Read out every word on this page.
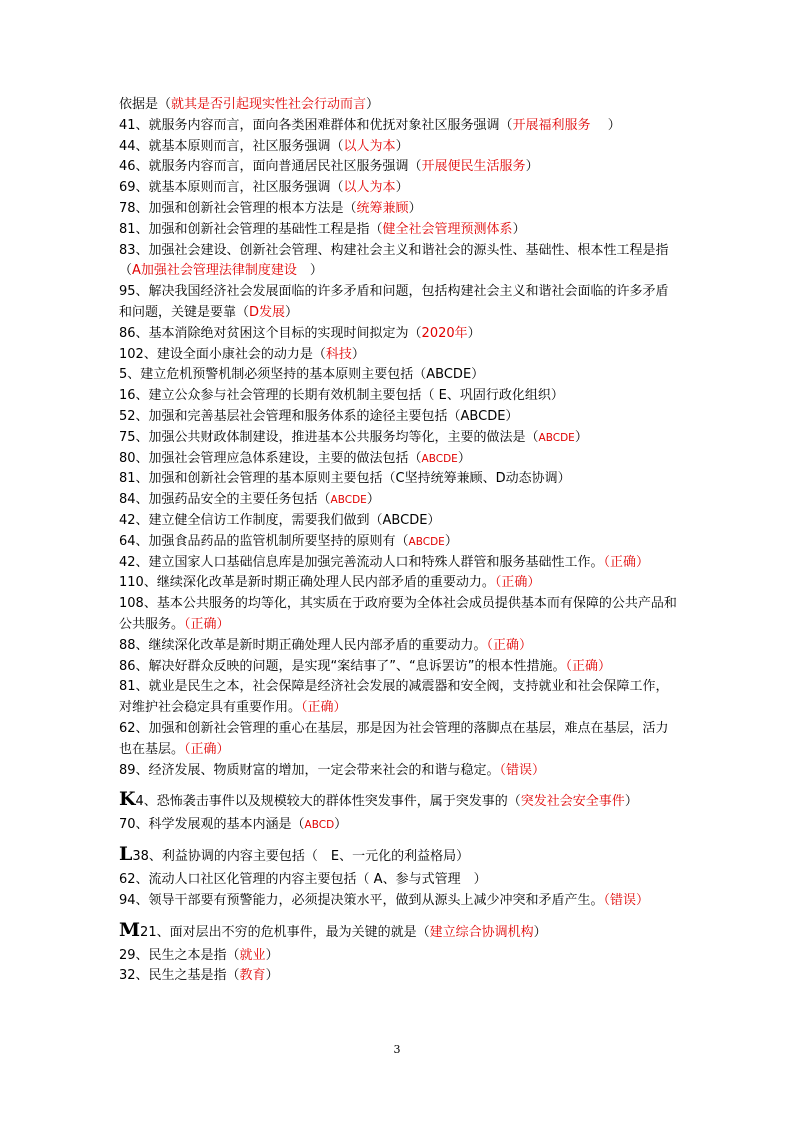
依据是（就其是否引起现实性社会行动而言）
41、就服务内容而言，面向各类困难群体和优抚对象社区服务强调（开展福利服务　 ）
44、就基本原则而言，社区服务强调（以人为本）
46、就服务内容而言，面向普通居民社区服务强调（开展便民生活服务）
69、就基本原则而言，社区服务强调（以人为本）
78、加强和创新社会管理的根本方法是（统筹兼顾）
81、加强和创新社会管理的基础性工程是指（健全社会管理预测体系）
83、加强社会建设、创新社会管理、构建社会主义和谐社会的源头性、基础性、根本性工程是指（A加强社会管理法律制度建设　）
95、解决我国经济社会发展面临的许多矛盾和问题，包括构建社会主义和谐社会面临的许多矛盾和问题，关键是要靠（D发展）
86、基本消除绝对贫困这个目标的实现时间拟定为（2020年）
102、建设全面小康社会的动力是（科技）
5、建立危机预警机制必须坚持的基本原则主要包括（ABCDE）
16、建立公众参与社会管理的长期有效机制主要包括（ E、巩固行政化组织）
52、加强和完善基层社会管理和服务体系的途径主要包括（ABCDE）
75、加强公共财政体制建设，推进基本公共服务均等化，主要的做法是（ABCDE）
80、加强社会管理应急体系建设，主要的做法包括（ABCDE）
81、加强和创新社会管理的基本原则主要包括（C坚持统筹兼顾、D动态协调）
84、加强药品安全的主要任务包括（ABCDE）
42、建立健全信访工作制度，需要我们做到（ABCDE）
64、加强食品药品的监管机制所要坚持的原则有（ABCDE）
42、建立国家人口基础信息库是加强完善流动人口和特殊人群管和服务基础性工作。（正确）
110、继续深化改革是新时期正确处理人民内部矛盾的重要动力。（正确）
108、基本公共服务的均等化，其实质在于政府要为全体社会成员提供基本而有保障的公共产品和公共服务。（正确）
88、继续深化改革是新时期正确处理人民内部矛盾的重要动力。（正确）
86、解决好群众反映的问题，是实现“案结事了”、“息诉罢访”的根本性措施。（正确）
81、就业是民生之本，社会保障是经济社会发展的减震器和安全阀，支持就业和社会保障工作，对维护社会稳定具有重要作用。（正确）
62、加强和创新社会管理的重心在基层，那是因为社会管理的落脚点在基层，难点在基层，活力也在基层。（正确）
89、经济发展、物质财富的增加，一定会带来社会的和谐与稳定。（错误）
K4、恐怖袭击事件以及规模较大的群体性突发事件，属于突发事的（突发社会安全事件）
70、科学发展观的基本内涵是（ABCD）
L38、利益协调的内容主要包括（　E、一元化的利益格局）
62、流动人口社区化管理的内容主要包括（ A、参与式管理　）
94、领导干部要有预警能力，必须提决策水平，做到从源头上减少冲突和矛盾产生。（错误）
M21、面对层出不穷的危机事件，最为关键的就是（建立综合协调机构）
29、民生之本是指（就业）
32、民生之基是指（教育）
3
